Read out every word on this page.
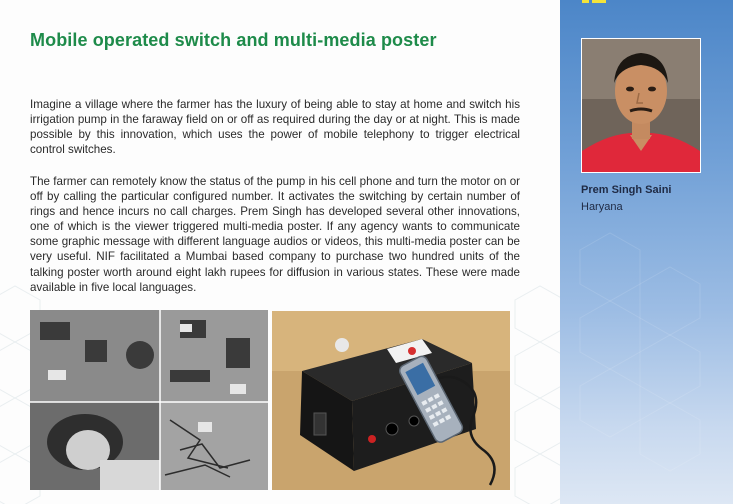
Mobile operated switch and multi-media poster

Imagine a village where the farmer has the luxury of being able to stay at home and switch his irrigation pump in the faraway field on or off as required during the day or at night. This is made possible by this innovation, which uses the power of mobile telephony to trigger electrical control switches.

The farmer can remotely know the status of the pump in his cell phone and turn the motor on or off by calling the particular configured number. It activates the switching by certain number of rings and hence incurs no call charges. Prem Singh has developed several other innovations, one of which is the viewer triggered multi-media poster. If any agency wants to communicate some graphic message with different language audios or videos, this multi-media poster can be very useful. NIF facilitated a Mumbai based company to purchase two hundred units of the talking poster worth around eight lakh rupees for diffusion in various states. These were made available in five local languages.

Prem Singh Saini

Haryana
